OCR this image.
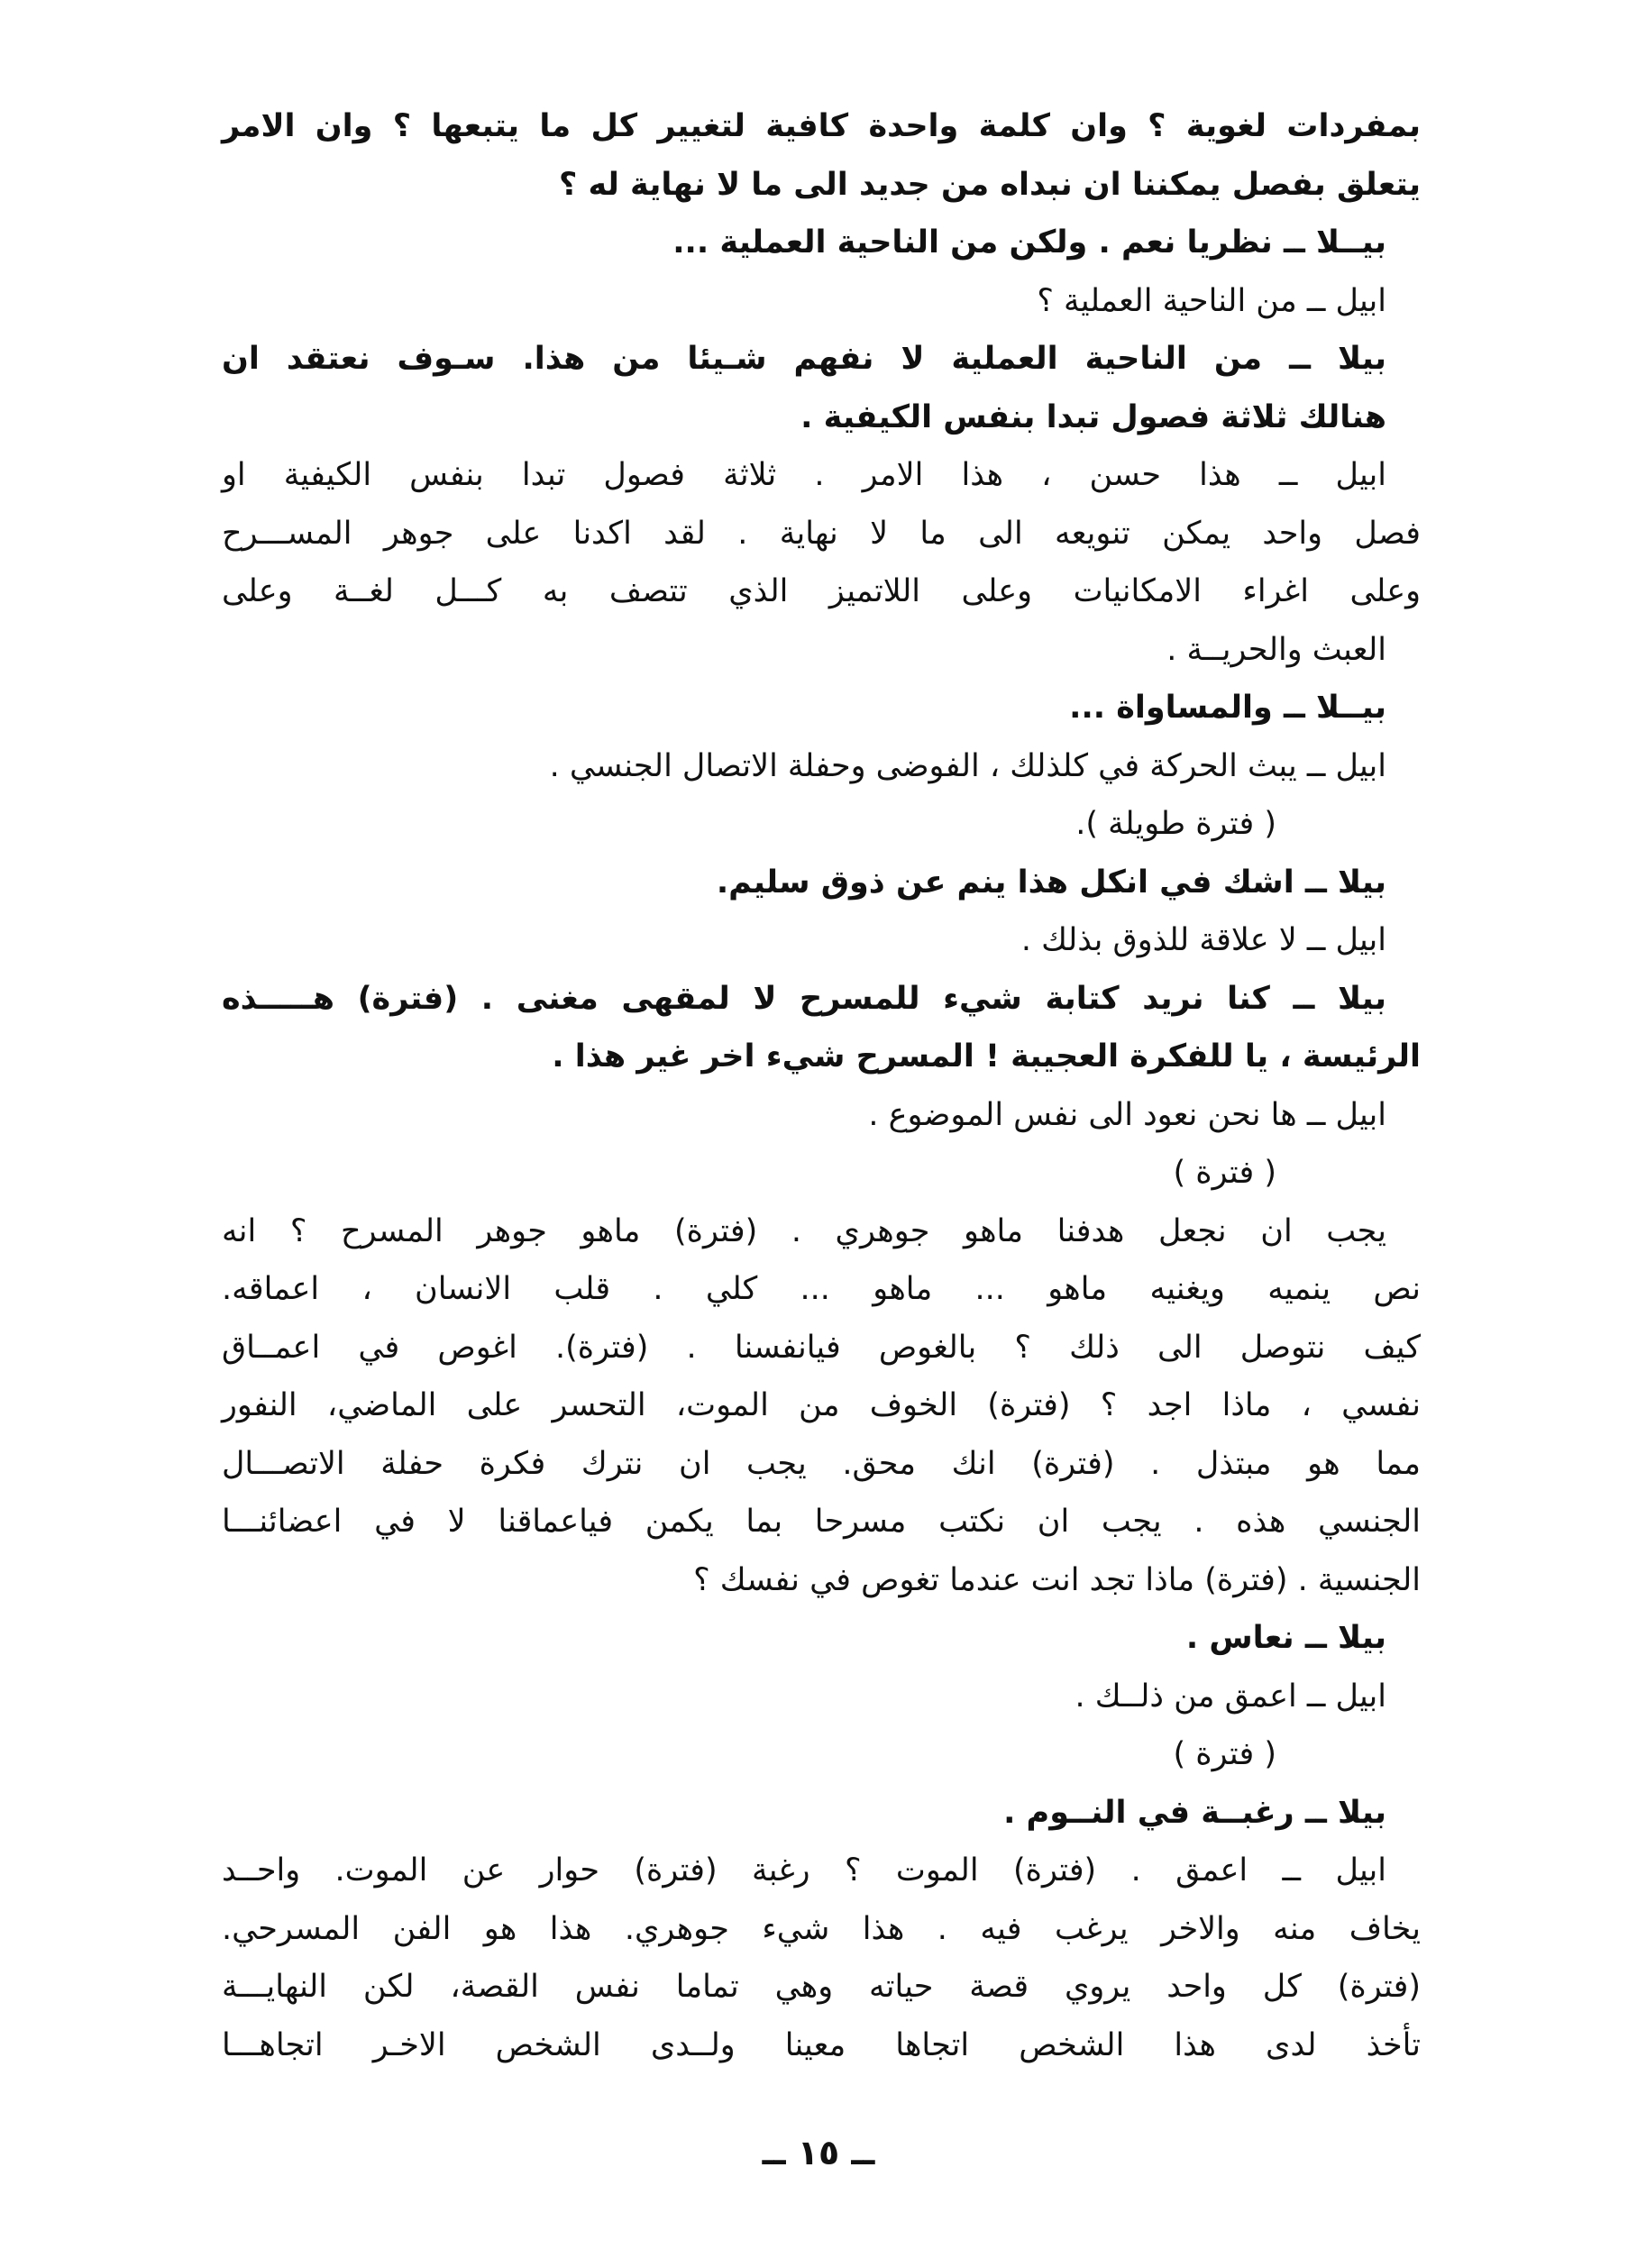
بمفردات لغوية ؟ وان كلمة واحدة كافية لتغيير كل ما يتبعها ؟ وان الامر
يتعلق بفصل يمكننا ان نبداه من جديد الى ما لا نهاية له ؟
بيــلا ــ نظريا نعم . ولكن من الناحية العملية ...
ابيل ــ من الناحية العملية ؟
بيلا ــ من الناحية العملية لا نفهم شـيئا من هذا. سـوف نعتقد ان
هنالك ثلاثة فصول تبدا بنفس الكيفية .
ابيل ــ هذا حسن ، هذا الامر . ثلاثة فصول تبدا بنفس الكيفية او
فصل واحد يمكن تنويعه الى ما لا نهاية . لقد اكدنا على جوهر المســـرح
وعلى اغراء الامكانيات وعلى اللاتميز الذي تتصف به كـــل لغــة وعلى
العبث والحريــة .
بيــلا ــ والمساواة ...
ابيل ــ يبث الحركة في كلذلك ، الفوضى وحفلة الاتصال الجنسي .
( فترة طويلة ).
بيلا ــ اشك في انكل هذا ينم عن ذوق سليم.
ابيل ــ لا علاقة للذوق بذلك .
بيلا ــ كنا نريد كتابة شيء للمسرح لا لمقهى مغنى . (فترة) هـــــذه
الرئيسة ، يا للفكرة العجيبة ! المسرح شيء اخر غير هذا .
ابيل ــ ها نحن نعود الى نفس الموضوع .
( فترة )
يجب ان نجعل هدفنا ماهو جوهري . (فترة) ماهو جوهر المسرح ؟ انه
نص ينميه ويغنيه ماهو ... ماهو ... كلي . قلب الانسان ، اعماقه.
كيف نتوصل الى ذلك ؟ بالغوص فيانفسنا . (فترة). اغوص في اعمــاق
نفسي ، ماذا اجد ؟ (فترة) الخوف من الموت، التحسر على الماضي، النفور
مما هو مبتذل . (فترة) انك محق. يجب ان نترك فكرة حفلة الاتصـــال
الجنسي هذه . يجب ان نكتب مسرحا بما يكمن فياعماقنا لا في اعضائنـــا
الجنسية . (فترة) ماذا تجد انت عندما تغوص في نفسك ؟
بيلا ــ نعاس .
ابيل ــ اعمق من ذلــك .
( فترة )
بيلا ــ رغبــة في النــوم .
ابيل ــ اعمق . (فترة) الموت ؟ رغبة (فترة) حوار عن الموت. واحــد
يخاف منه والاخر يرغب فيه . هذا شيء جوهري. هذا هو الفن المسرحي.
(فترة) كل واحد يروي قصة حياته وهي تماما نفس القصة، لكن النهايـــة
تأخذ لدى هذا الشخص اتجاها معينا ولــدى الشخص الاخـر اتجاهـــا
ــ ١٥ ــ
